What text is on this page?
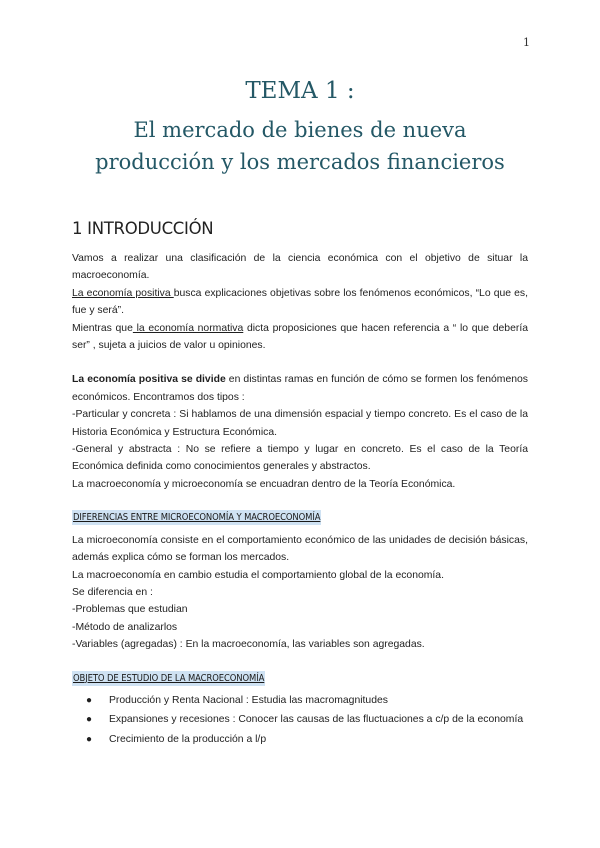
1
TEMA 1 :
El mercado de bienes de nueva
producción y los mercados financieros
1 INTRODUCCIÓN

Vamos a realizar una clasificación de la ciencia económica con el objetivo de situar la macroeconomía.

La economía positiva busca explicaciones objetivas sobre los fenómenos económicos, “Lo que es, fue y será”.

Mientras que la economía normativa dicta proposiciones que hacen referencia a “ lo que debería ser” , sujeta a juicios de valor u opiniones.

La economía positiva se divide en distintas ramas en función de cómo se formen los fenómenos económicos. Encontramos dos tipos :

-Particular y concreta : Si hablamos de una dimensión espacial y tiempo concreto. Es el caso de la Historia Económica y Estructura Económica.

-General y abstracta : No se refiere a tiempo y lugar en concreto. Es el caso de la Teoría Económica definida como conocimientos generales y abstractos.

La macroeconomía y microeconomía se encuadran dentro de la Teoría Económica.

DIFERENCIAS ENTRE MICROECONOMÍA Y MACROECONOMÍA

La microeconomía consiste en el comportamiento económico de las unidades de decisión básicas, además explica cómo se forman los mercados.

La macroeconomía en cambio estudia el comportamiento global de la economía.

Se diferencia en :

-Problemas que estudian

-Método de analizarlos

-Variables (agregadas) : En la macroeconomía, las variables son agregadas.

OBJETO DE ESTUDIO DE LA MACROECONOMÍA
● Producción y Renta Nacional : Estudia las macromagnitudes
● Expansiones y recesiones : Conocer las causas de las fluctuaciones a c/p de la economía
● Crecimiento de la producción a l/p
